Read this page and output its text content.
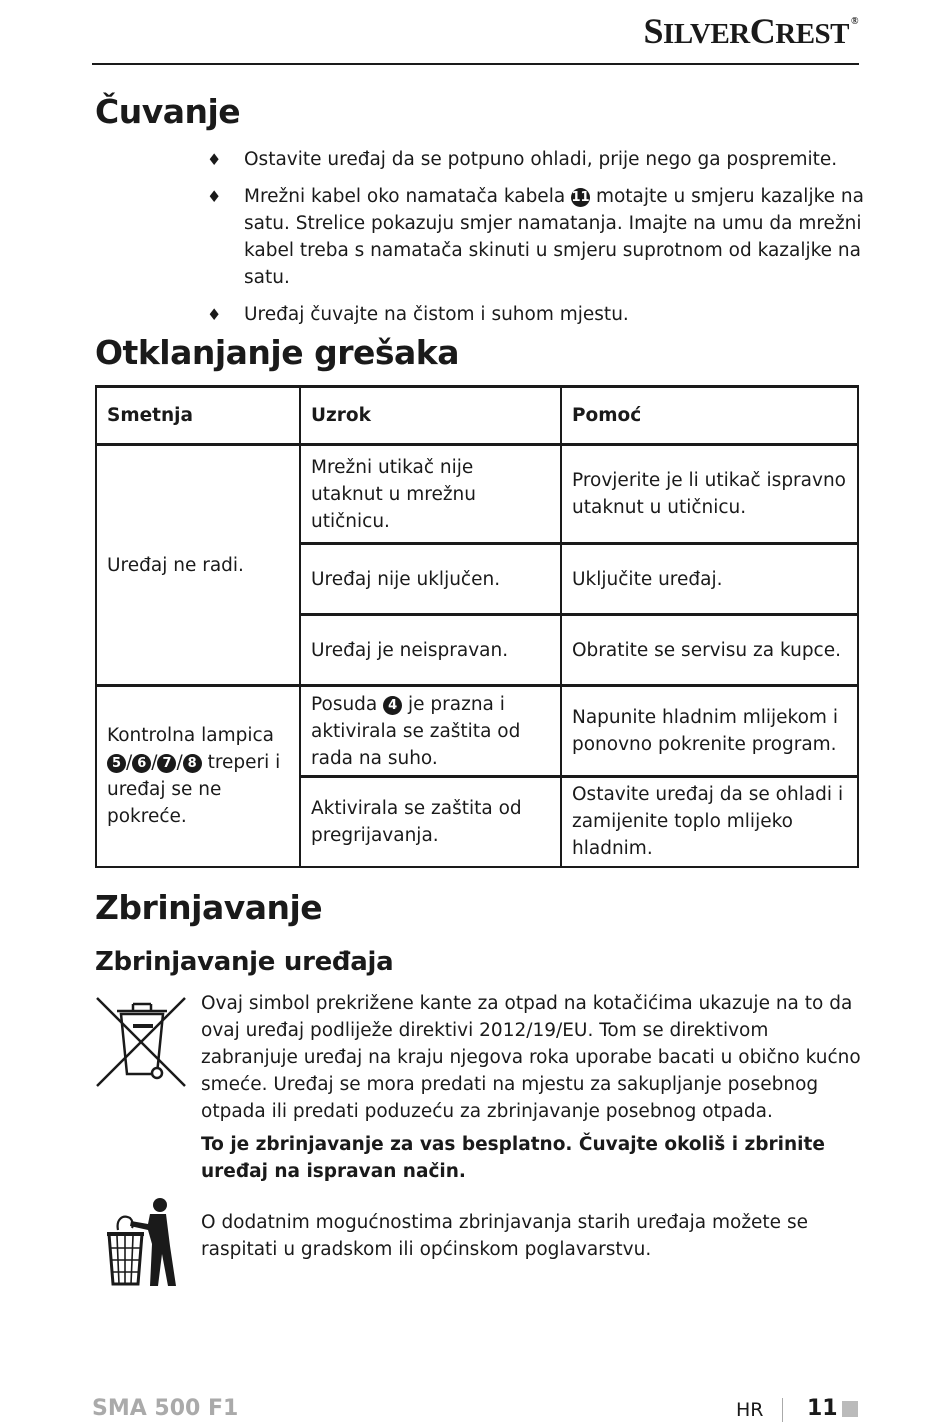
SILVERCREST ®
Čuvanje
♦ Ostavite uređaj da se potpuno ohladi, prije nego ga pospremite.
♦ Mrežni kabel oko namatača kabela 11 motajte u smjeru kazaljke na satu. Strelice pokazuju smjer namatanja. Imajte na umu da mrežni kabel treba s namatača skinuti u smjeru suprotnom od kazaljke na satu.
♦ Uređaj čuvajte na čistom i suhom mjestu.
Otklanjanje grešaka
Smetnja	Uzrok	Pomoć
Uređaj ne radi.	Mrežni utikač nije utaknut u mrežnu utičnicu.	Provjerite je li utikač ispravno utaknut u utičnicu.
	Uređaj nije uključen.	Uključite uređaj.
	Uređaj je neispravan.	Obratite se servisu za kupce.
Kontrolna lampica 5 / 6 / 7 / 8 treperi i uređaj se ne pokreće.	Posuda 4 je prazna i aktivirala se zaštita od rada na suho.	Napunite hladnim mlijekom i ponovno pokrenite program.
	Aktivirala se zaštita od pregrijavanja.	Ostavite uređaj da se ohladi i zamijenite toplo mlijeko hladnim.
Zbrinjavanje
Zbrinjavanje uređaja

Ovaj simbol prekrižene kante za otpad na kotačićima ukazuje na to da ovaj uređaj podliježe direktivi 2012/19/EU. Tom se direktivom zabranjuje uređaj na kraju njegova roka uporabe bacati u obično kućno smeće. Uređaj se mora predati na mjestu za sakupljanje posebnog otpada ili predati poduzeću za zbrinjavanje posebnog otpada.

To je zbrinjavanje za vas besplatno. Čuvajte okoliš i zbrinite uređaj na ispravan način.

O dodatnim mogućnostima zbrinjavanja starih uređaja možete se raspitati u gradskom ili općinskom poglavarstvu.

SMA 500 F1	HR 11
